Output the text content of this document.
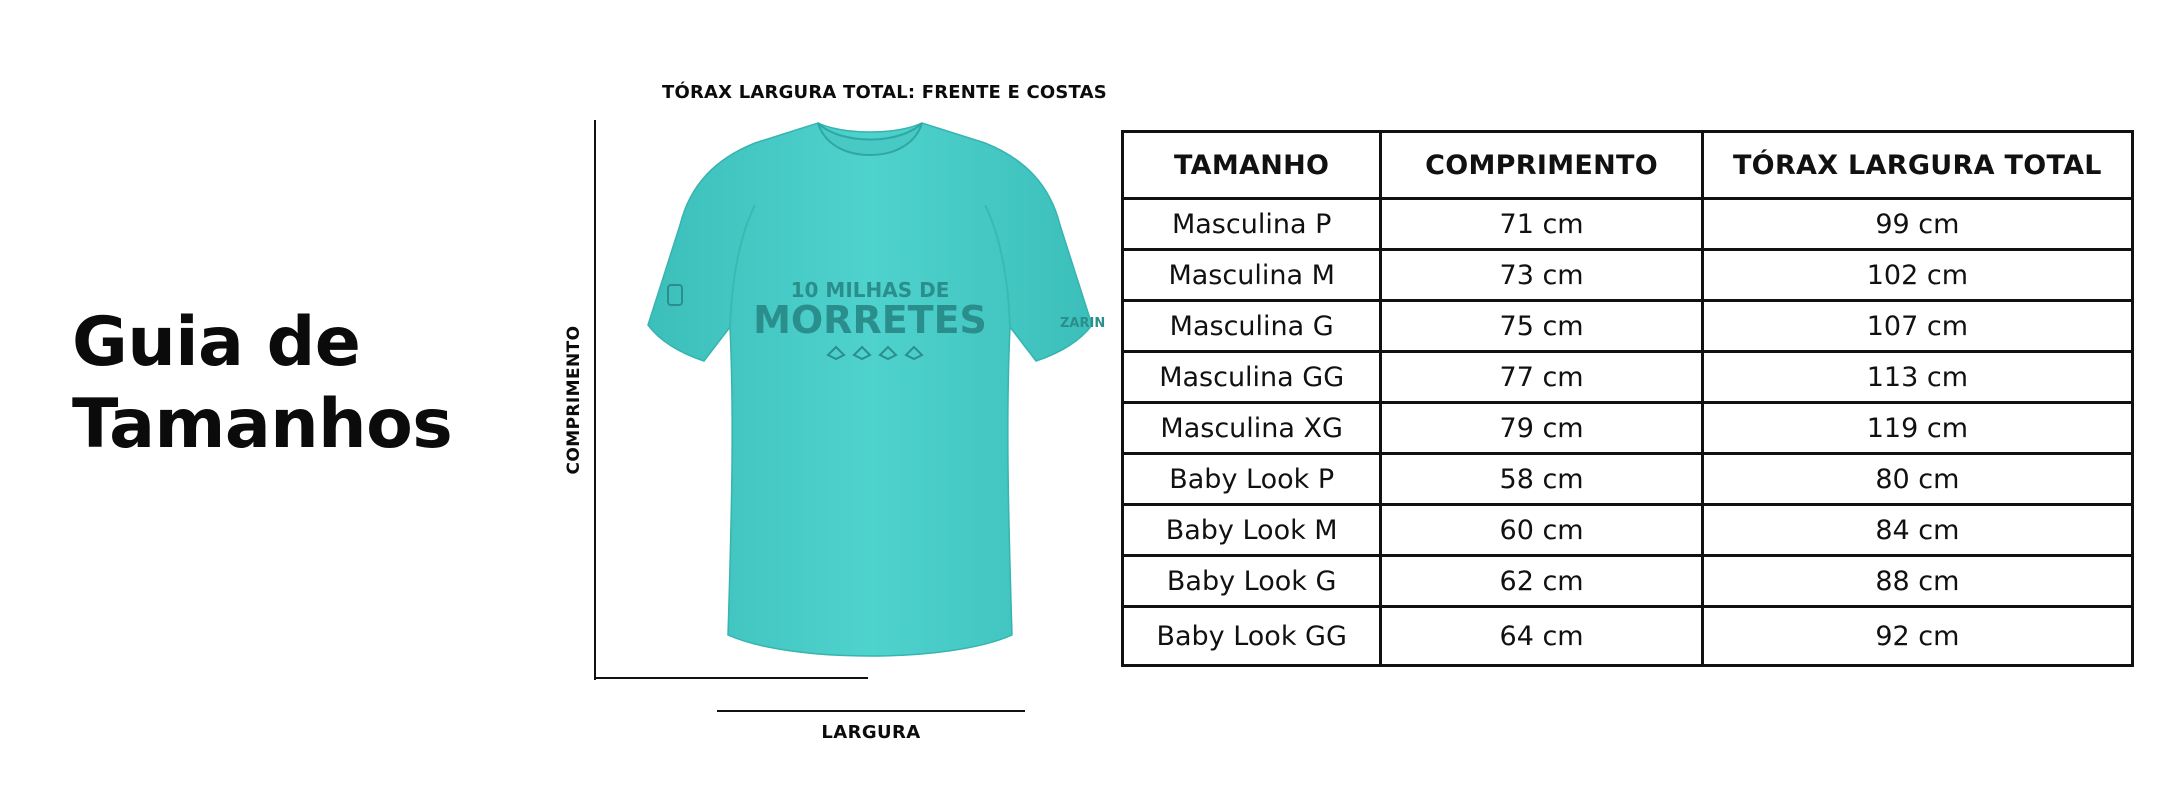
Guia de
Tamanhos
TÓRAX LARGURA TOTAL: FRENTE E COSTAS
COMPRIMENTO
LARGURA
10 MILHAS DE
MORRETES	ZARIN
TAMANHO	COMPRIMENTO	TÓRAX LARGURA TOTAL
Masculina P	71 cm	99 cm
Masculina M	73 cm	102 cm
Masculina G	75 cm	107 cm
Masculina GG	77 cm	113 cm
Masculina XG	79 cm	119 cm
Baby Look P	58 cm	80 cm
Baby Look M	60 cm	84 cm
Baby Look G	62 cm	88 cm
Baby Look GG	64 cm	92 cm
